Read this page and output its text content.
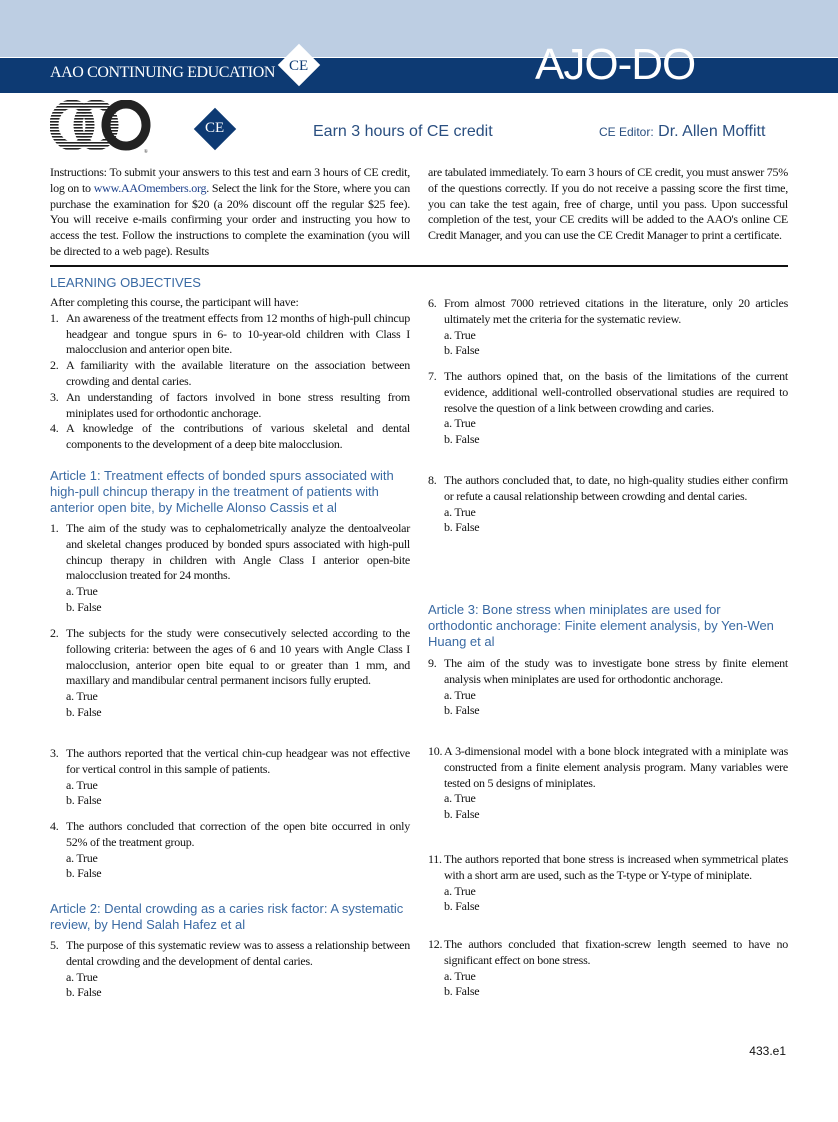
AAO CONTINUING EDUCATION CE	AJO-DO
®
CE	Earn 3 hours of CE credit	CE Editor: Dr. Allen Moffitt
Instructions: To submit your answers to this test and earn 3 hours of CE credit, log on to www.AAOmembers.org. Select the link for the Store, where you can purchase the examination for $20 (a 20% discount off the regular $25 fee). You will receive e-mails confirming your order and instructing you how to access the test. Follow the instructions to complete the examination (you will be directed to a web page). Results
are tabulated immediately. To earn 3 hours of CE credit, you must answer 75% of the questions correctly. If you do not receive a passing score the first time, you can take the test again, free of charge, until you pass. Upon successful completion of the test, your CE credits will be added to the AAO's online CE Credit Manager, and you can use the CE Credit Manager to print a certificate.
LEARNING OBJECTIVES
After completing this course, the participant will have:
1. An awareness of the treatment effects from 12 months of high-pull chincup headgear and tongue spurs in 6- to 10-year-old children with Class I malocclusion and anterior open bite.
2. A familiarity with the available literature on the association between crowding and dental caries.
3. An understanding of factors involved in bone stress resulting from miniplates used for orthodontic anchorage.
4. A knowledge of the contributions of various skeletal and dental components to the development of a deep bite malocclusion.
Article 1: Treatment effects of bonded spurs associated with high-pull chincup therapy in the treatment of patients with anterior open bite, by Michelle Alonso Cassis et al
Article 2: Dental crowding as a caries risk factor: A systematic review, by Hend Salah Hafez et al
Article 3: Bone stress when miniplates are used for orthodontic anchorage: Finite element analysis, by Yen-Wen Huang et al
433.e1
1. The aim of the study was to cephalometrically analyze the dentoalveolar and skeletal changes produced by bonded spurs associated with high-pull chincup therapy in children with Angle Class I anterior open-bite malocclusion treated for 24 months.
a. True
b. False
2. The subjects for the study were consecutively selected according to the following criteria: between the ages of 6 and 10 years with Angle Class I malocclusion, anterior open bite equal to or greater than 1 mm, and maxillary and mandibular central permanent incisors fully erupted.
a. True
b. False
3. The authors reported that the vertical chin-cup headgear was not effective for vertical control in this sample of patients.
a. True
b. False
4. The authors concluded that correction of the open bite occurred in only 52% of the treatment group.
a. True
b. False
5. The purpose of this systematic review was to assess a relationship between dental crowding and the development of dental caries.
a. True
b. False
6. From almost 7000 retrieved citations in the literature, only 20 articles ultimately met the criteria for the systematic review.
a. True
b. False
7. The authors opined that, on the basis of the limitations of the current evidence, additional well-controlled observational studies are required to resolve the question of a link between crowding and caries.
a. True
b. False
8. The authors concluded that, to date, no high-quality studies either confirm or refute a causal relationship between crowding and dental caries.
a. True
b. False
9. The aim of the study was to investigate bone stress by finite element analysis when miniplates are used for orthodontic anchorage.
a. True
b. False
10. A 3-dimensional model with a bone block integrated with a miniplate was constructed from a finite element analysis program. Many variables were tested on 5 designs of miniplates.
a. True
b. False
11. The authors reported that bone stress is increased when symmetrical plates with a short arm are used, such as the T-type or Y-type of miniplate.
a. True
b. False
12. The authors concluded that fixation-screw length seemed to have no significant effect on bone stress.
a. True
b. False
